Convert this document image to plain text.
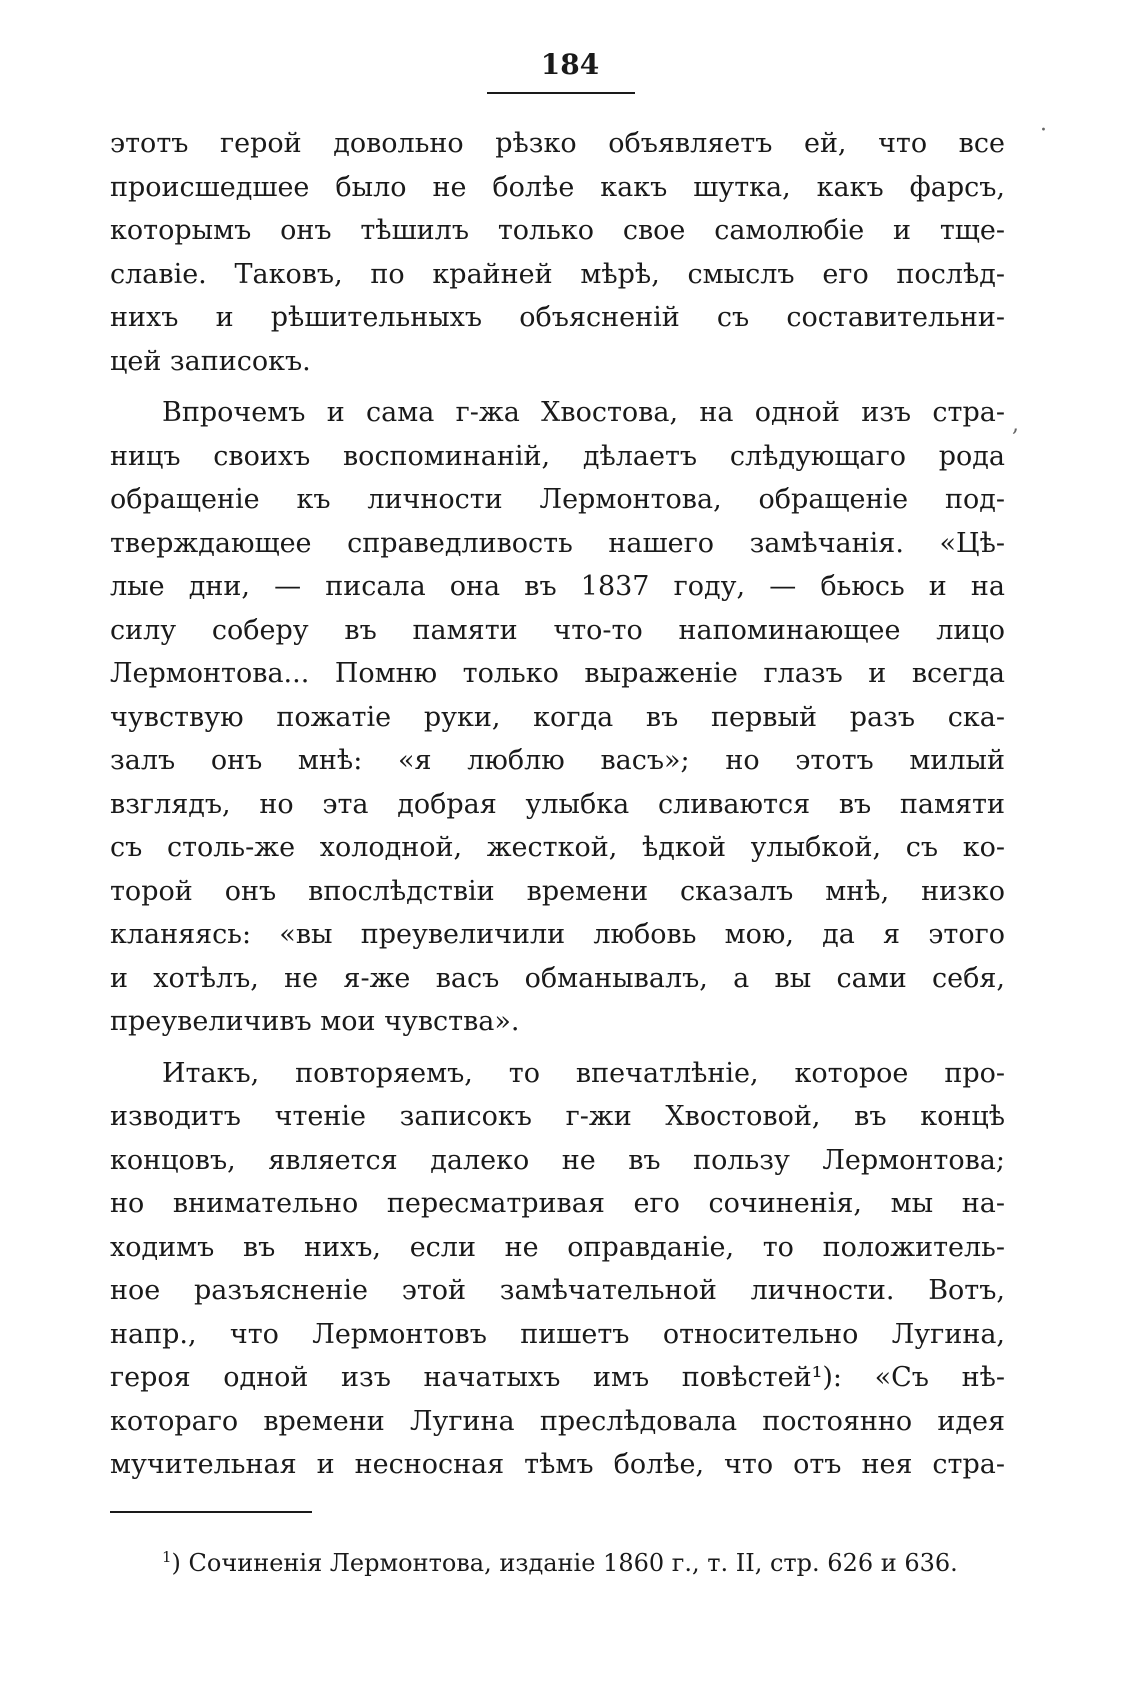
184
·
,
этотъ герой довольно рѣзко объявляетъ ей, что все
происшедшее было не болѣе какъ шутка, какъ фарсъ,
которымъ онъ тѣшилъ только свое самолюбіе и тще-
славіе. Таковъ, по крайней мѣрѣ, смыслъ его послѣд-
нихъ и рѣшительныхъ объясненій съ составительни-
цей записокъ.
Впрочемъ и сама г-жа Хвостова, на одной изъ стра-
ницъ своихъ воспоминаній, дѣлаетъ слѣдующаго рода
обращеніе къ личности Лермонтова, обращеніе под-
тверждающее справедливость нашего замѣчанія. «Цѣ-
лые дни, — писала она въ 1837 году, — бьюсь и на
силу соберу въ памяти что-то напоминающее лицо
Лермонтова... Помню только выраженіе глазъ и всегда
чувствую пожатіе руки, когда въ первый разъ ска-
залъ онъ мнѣ: «я люблю васъ»; но этотъ милый
взглядъ, но эта добрая улыбка сливаются въ памяти
съ столь-же холодной, жесткой, ѣдкой улыбкой, съ ко-
торой онъ впослѣдствіи времени сказалъ мнѣ, низко
кланяясь: «вы преувеличили любовь мою, да я этого
и хотѣлъ, не я-же васъ обманывалъ, а вы сами себя,
преувеличивъ мои чувства».
Итакъ, повторяемъ, то впечатлѣніе, которое про-
изводитъ чтеніе записокъ г-жи Хвостовой, въ концѣ
концовъ, является далеко не въ пользу Лермонтова;
но внимательно пересматривая его сочиненія, мы на-
ходимъ въ нихъ, если не оправданіе, то положитель-
ное разъясненіе этой замѣчательной личности. Вотъ,
напр., что Лермонтовъ пишетъ относительно Лугина,
героя одной изъ начатыхъ имъ повѣстей¹): «Съ нѣ-
котораго времени Лугина преслѣдовала постоянно идея
мучительная и несносная тѣмъ болѣе, что отъ нея стра-
$^1$) Сочиненія Лермонтова, изданіе 1860 г., т. II, стр. 626 и 636.
